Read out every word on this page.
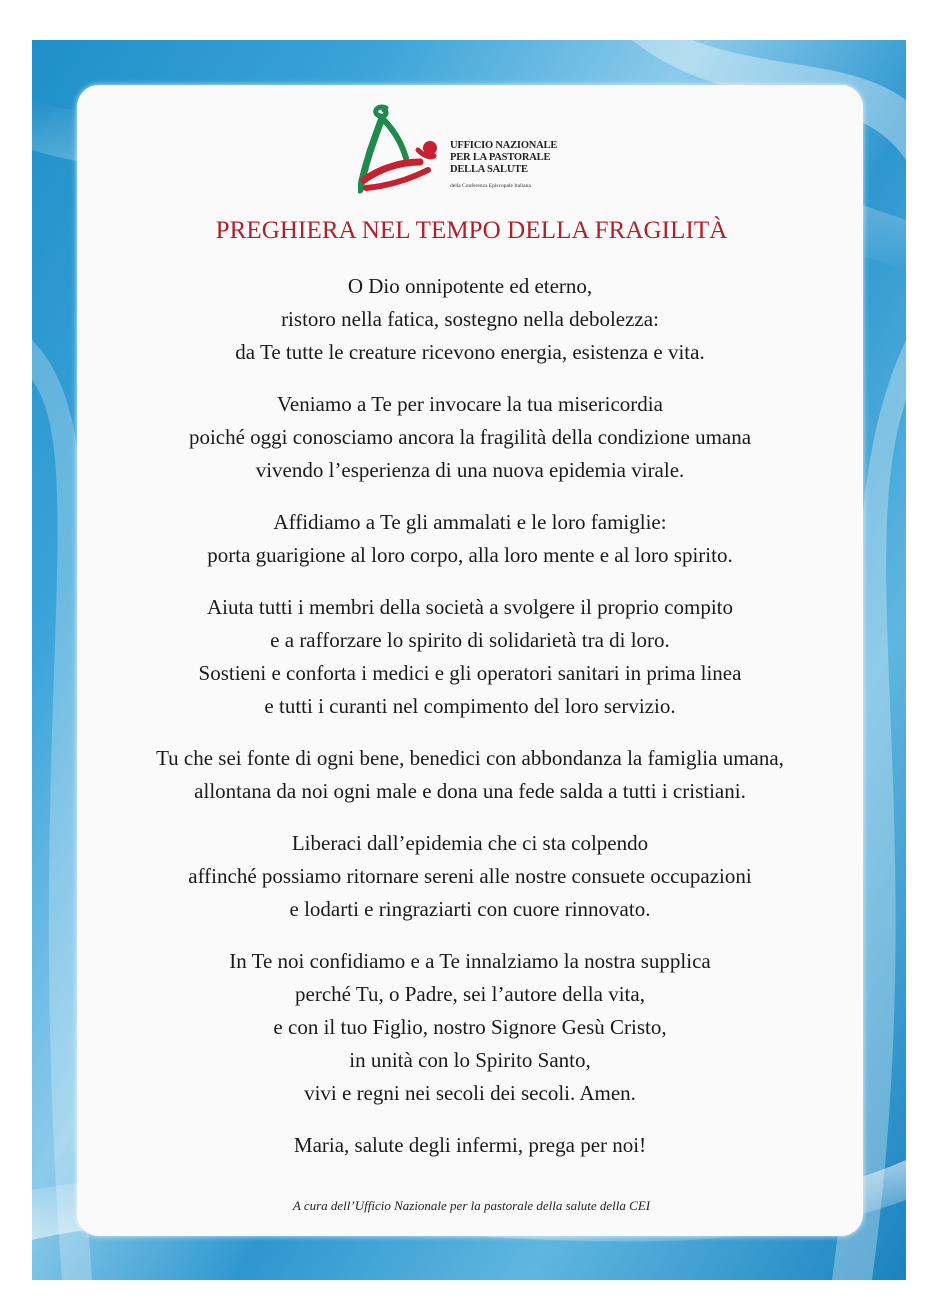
UFFICIO NAZIONALE
PER LA PASTORALE
DELLA SALUTE
della Conferenza Episcopale Italiana
PREGHIERA NEL TEMPO DELLA FRAGILITÀ
O Dio onnipotente ed eterno,
ristoro nella fatica, sostegno nella debolezza:
da Te tutte le creature ricevono energia, esistenza e vita.
Veniamo a Te per invocare la tua misericordia
poiché oggi conosciamo ancora la fragilità della condizione umana
vivendo l’esperienza di una nuova epidemia virale.
Affidiamo a Te gli ammalati e le loro famiglie:
porta guarigione al loro corpo, alla loro mente e al loro spirito.
Aiuta tutti i membri della società a svolgere il proprio compito
e a rafforzare lo spirito di solidarietà tra di loro.
Sostieni e conforta i medici e gli operatori sanitari in prima linea
e tutti i curanti nel compimento del loro servizio.
Tu che sei fonte di ogni bene, benedici con abbondanza la famiglia umana,
allontana da noi ogni male e dona una fede salda a tutti i cristiani.
Liberaci dall’epidemia che ci sta colpendo
affinché possiamo ritornare sereni alle nostre consuete occupazioni
e lodarti e ringraziarti con cuore rinnovato.
In Te noi confidiamo e a Te innalziamo la nostra supplica
perché Tu, o Padre, sei l’autore della vita,
e con il tuo Figlio, nostro Signore Gesù Cristo,
in unità con lo Spirito Santo,
vivi e regni nei secoli dei secoli. Amen.
Maria, salute degli infermi, prega per noi!
A cura dell’Ufficio Nazionale per la pastorale della salute della CEI
